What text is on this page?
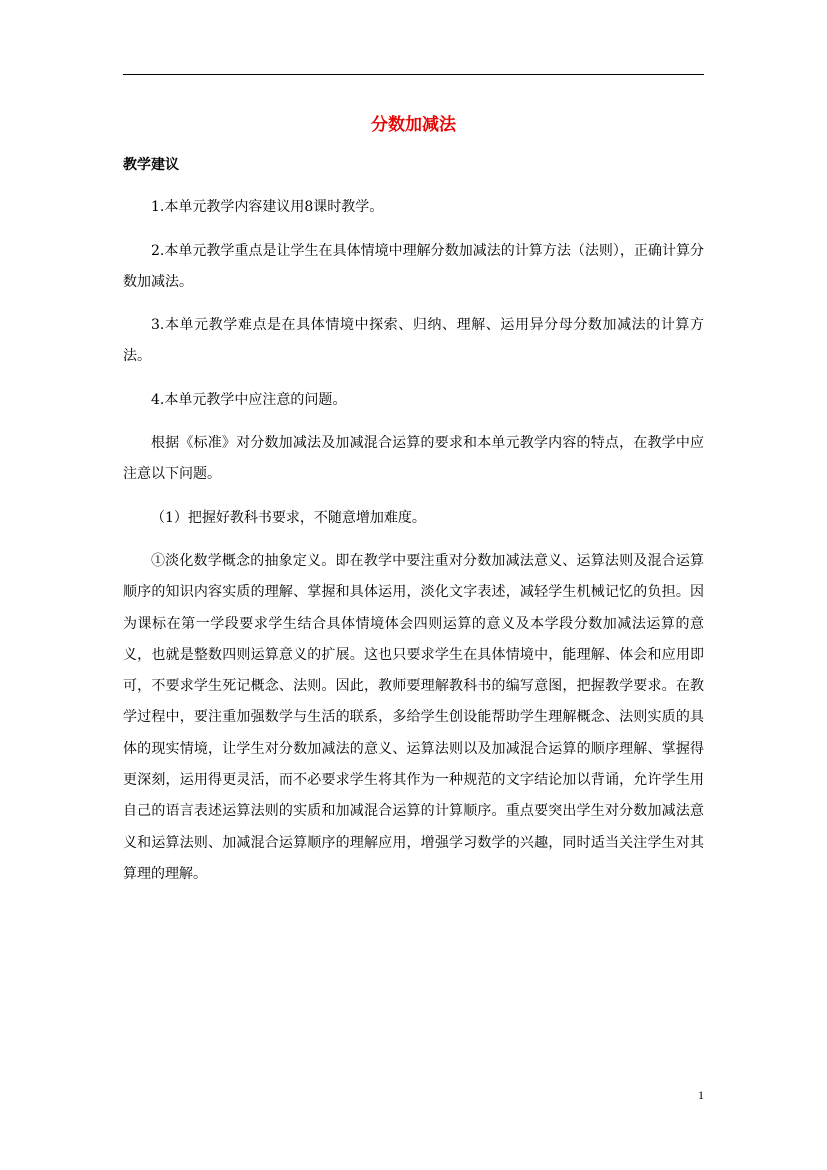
分数加减法

教学建议

1.本单元教学内容建议用8课时教学。

2.本单元教学重点是让学生在具体情境中理解分数加减法的计算方法（法则），正确计算分数加减法。

3.本单元教学难点是在具体情境中探索、归纳、理解、运用异分母分数加减法的计算方法。

4.本单元教学中应注意的问题。

根据《标准》对分数加减法及加减混合运算的要求和本单元教学内容的特点，在教学中应注意以下问题。

（1）把握好教科书要求，不随意增加难度。

①淡化数学概念的抽象定义。即在教学中要注重对分数加减法意义、运算法则及混合运算顺序的知识内容实质的理解、掌握和具体运用，淡化文字表述，减轻学生机械记忆的负担。因为课标在第一学段要求学生结合具体情境体会四则运算的意义及本学段分数加减法运算的意义，也就是整数四则运算意义的扩展。这也只要求学生在具体情境中，能理解、体会和应用即可，不要求学生死记概念、法则。因此，教师要理解教科书的编写意图，把握教学要求。在教学过程中，要注重加强数学与生活的联系，多给学生创设能帮助学生理解概念、法则实质的具体的现实情境，让学生对分数加减法的意义、运算法则以及加减混合运算的顺序理解、掌握得更深刻，运用得更灵活，而不必要求学生将其作为一种规范的文字结论加以背诵，允许学生用自己的语言表述运算法则的实质和加减混合运算的计算顺序。重点要突出学生对分数加减法意义和运算法则、加减混合运算顺序的理解应用，增强学习数学的兴趣，同时适当关注学生对其算理的理解。

1
